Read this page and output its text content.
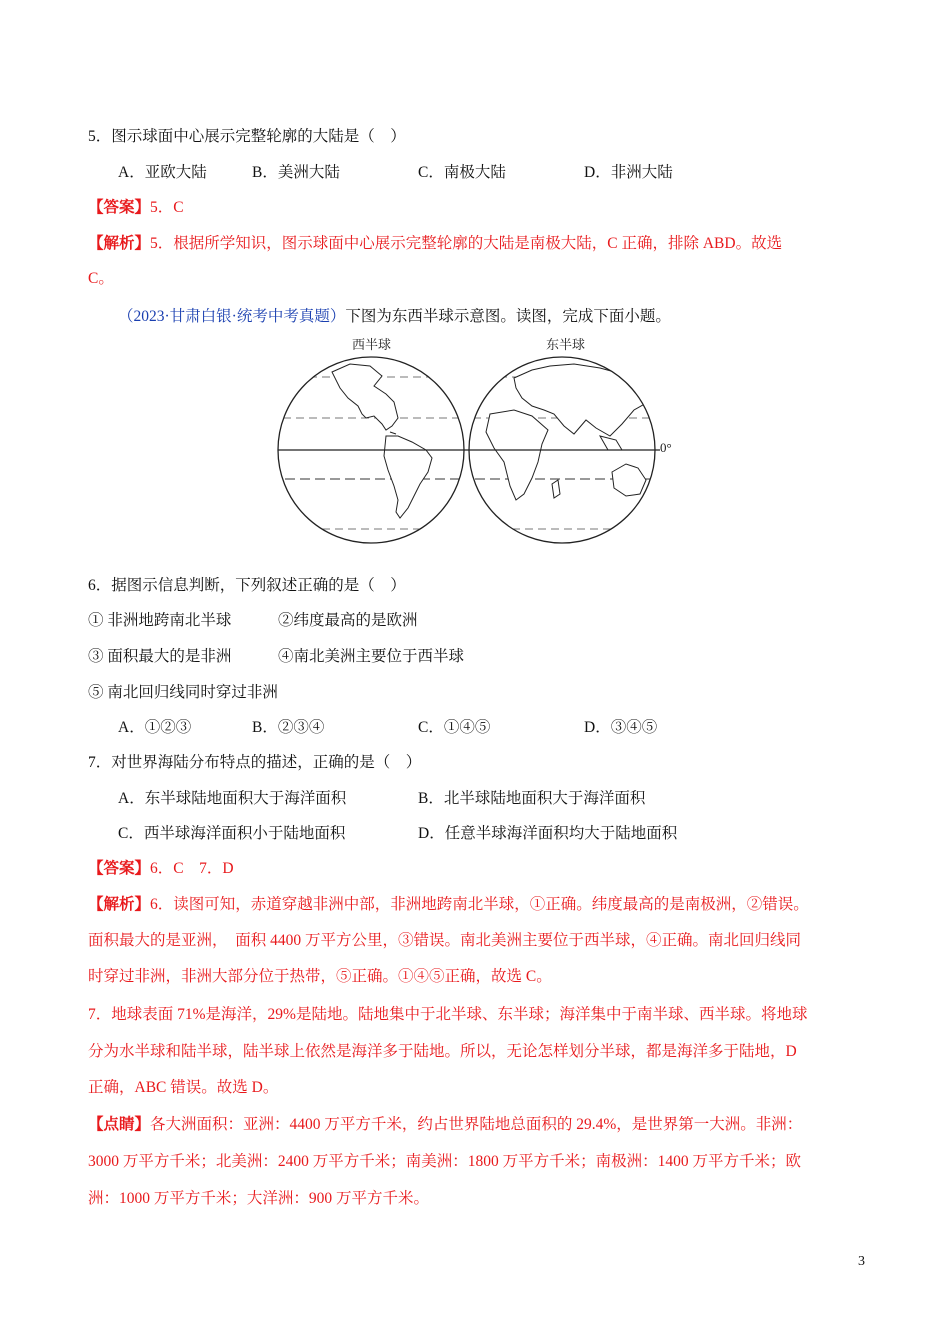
5．图示球面中心展示完整轮廓的大陆是（　）
A．亚欧大陆	B．美洲大陆	C．南极大陆	D．非洲大陆
【答案】5．C
【解析】5．根据所学知识，图示球面中心展示完整轮廓的大陆是南极大陆，C 正确，排除 ABD。故选
C。
（2023·甘肃白银·统考中考真题）下图为东西半球示意图。读图，完成下面小题。
西半球	东半球
0°
6．据图示信息判断，下列叙述正确的是（　）
① 非洲地跨南北半球	②纬度最高的是欧洲
③ 面积最大的是非洲	④南北美洲主要位于西半球
⑤ 南北回归线同时穿过非洲
A．①②③	B．②③④	C．①④⑤	D．③④⑤
7．对世界海陆分布特点的描述，正确的是（　）
A．东半球陆地面积大于海洋面积	B．北半球陆地面积大于海洋面积
C．西半球海洋面积小于陆地面积	D．任意半球海洋面积均大于陆地面积
【答案】6．C　7．D
【解析】6．读图可知，赤道穿越非洲中部，非洲地跨南北半球，①正确。纬度最高的是南极洲，②错误。
面积最大的是亚洲，　面积 4400 万平方公里，③错误。南北美洲主要位于西半球，④正确。南北回归线同
时穿过非洲，非洲大部分位于热带，⑤正确。①④⑤正确，故选 C。
7．地球表面 71%是海洋，29%是陆地。陆地集中于北半球、东半球；海洋集中于南半球、西半球。将地球
分为水半球和陆半球，陆半球上依然是海洋多于陆地。所以，无论怎样划分半球，都是海洋多于陆地，D
正确，ABC 错误。故选 D。
【点睛】各大洲面积：亚洲：4400 万平方千米，约占世界陆地总面积的 29.4%，是世界第一大洲。非洲：
3000 万平方千米；北美洲：2400 万平方千米；南美洲：1800 万平方千米；南极洲：1400 万平方千米；欧
洲：1000 万平方千米；大洋洲：900 万平方千米。
3
